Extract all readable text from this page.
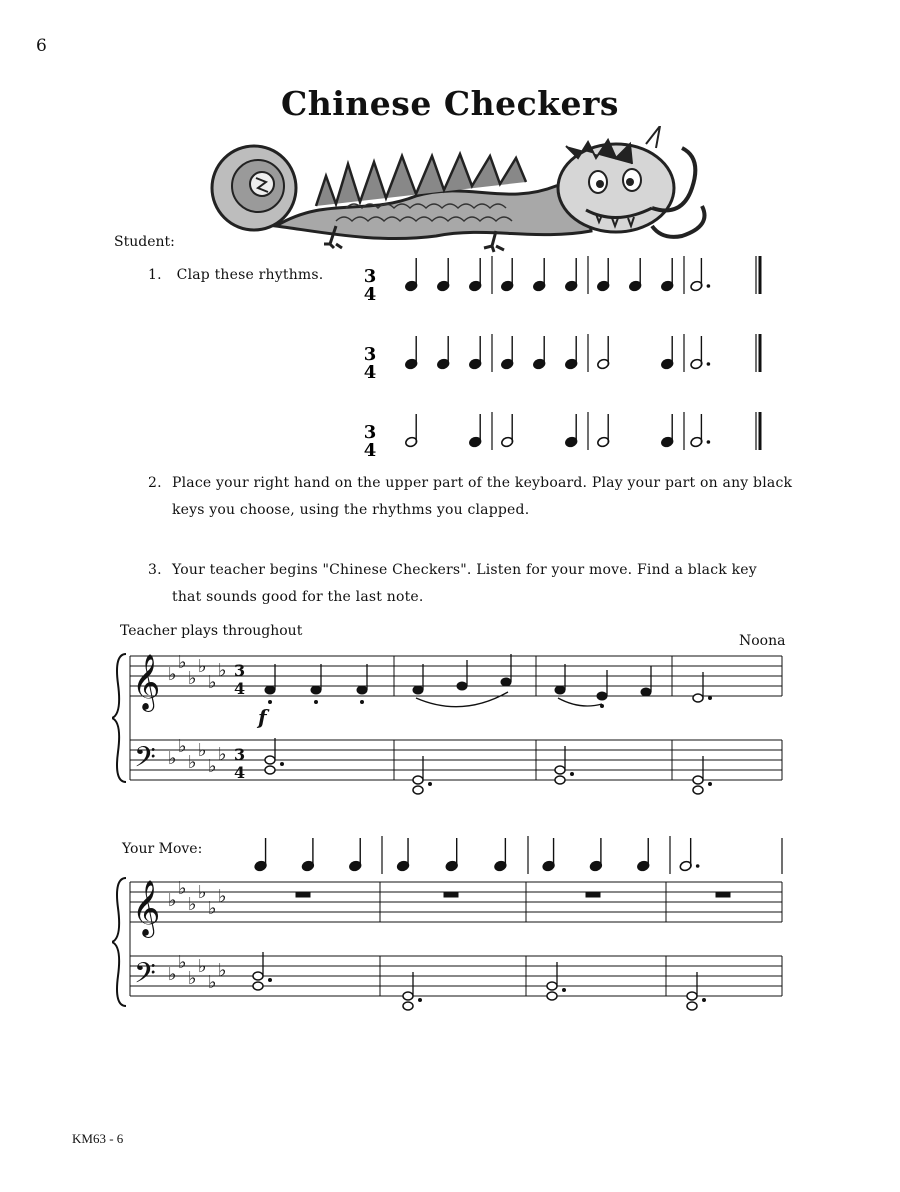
6
Chinese Checkers
Student:
1. Clap these rhythms. 3
4
3
4
3
4
2. Place your right hand on the upper part of the keyboard. Play your part on any black
keys you choose, using the rhythms you clapped.
3. Your teacher begins "Chinese Checkers". Listen for your move. Find a black key
that sounds good for the last note.
Teacher plays throughout
Noona
𝄞
𝄢
♭
♭
♭
♭
♭
♭
♭
♭
♭
♭
♭
♭
3
4
3
4
f
Your Move:
𝄞
𝄢
♭
♭
♭
♭
♭
♭
♭
♭
♭
♭
♭
♭
KM63 - 6
